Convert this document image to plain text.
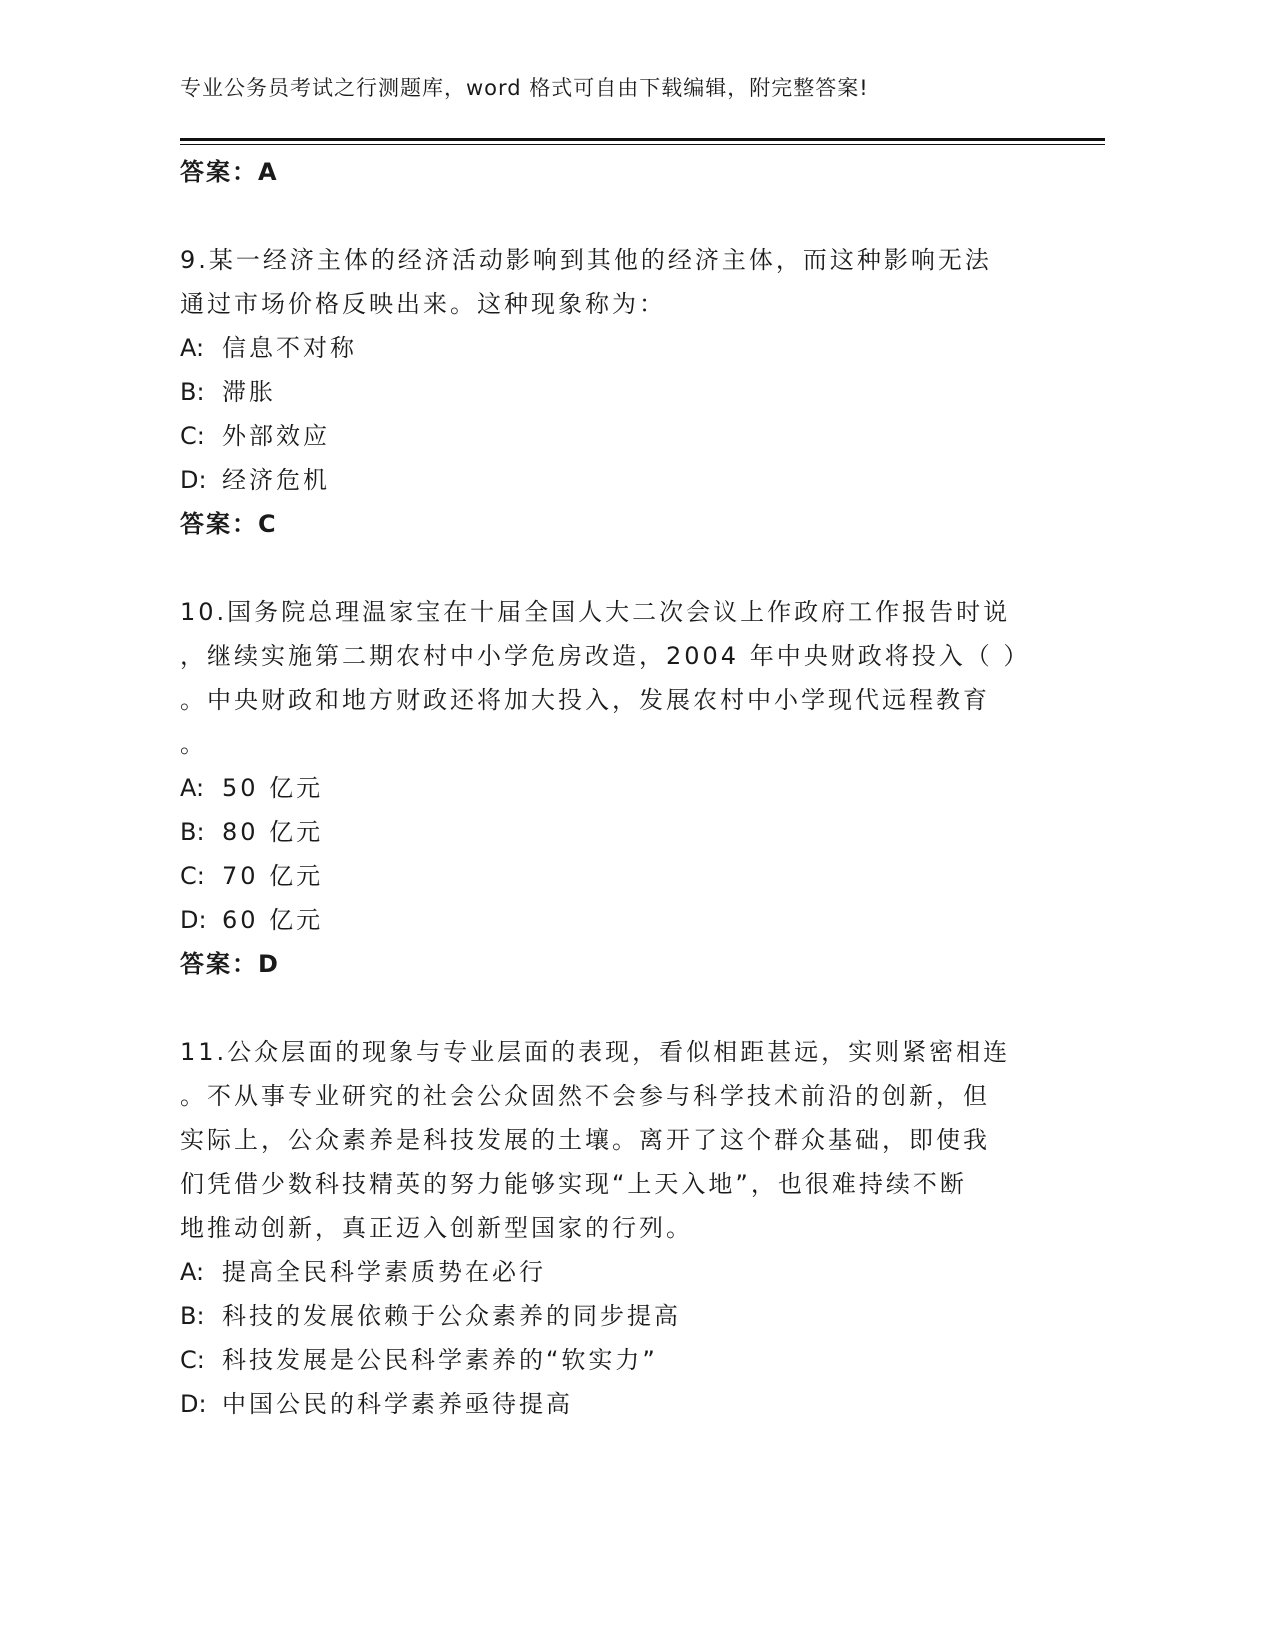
专业公务员考试之行测题库，word 格式可自由下载编辑，附完整答案!
答案：A
9.某一经济主体的经济活动影响到其他的经济主体，而这种影响无法
通过市场价格反映出来。这种现象称为：
A: 信息不对称
B: 滞胀
C: 外部效应
D: 经济危机
答案：C
10.国务院总理温家宝在十届全国人大二次会议上作政府工作报告时说
，继续实施第二期农村中小学危房改造，2004 年中央财政将投入（ ）
。中央财政和地方财政还将加大投入，发展农村中小学现代远程教育
。
A: 50 亿元
B: 80 亿元
C: 70 亿元
D: 60 亿元
答案：D
11.公众层面的现象与专业层面的表现，看似相距甚远，实则紧密相连
。不从事专业研究的社会公众固然不会参与科学技术前沿的创新，但
实际上，公众素养是科技发展的土壤。离开了这个群众基础，即使我
们凭借少数科技精英的努力能够实现“上天入地”，也很难持续不断
地推动创新，真正迈入创新型国家的行列。
A: 提高全民科学素质势在必行
B: 科技的发展依赖于公众素养的同步提高
C: 科技发展是公民科学素养的“软实力”
D: 中国公民的科学素养亟待提高
